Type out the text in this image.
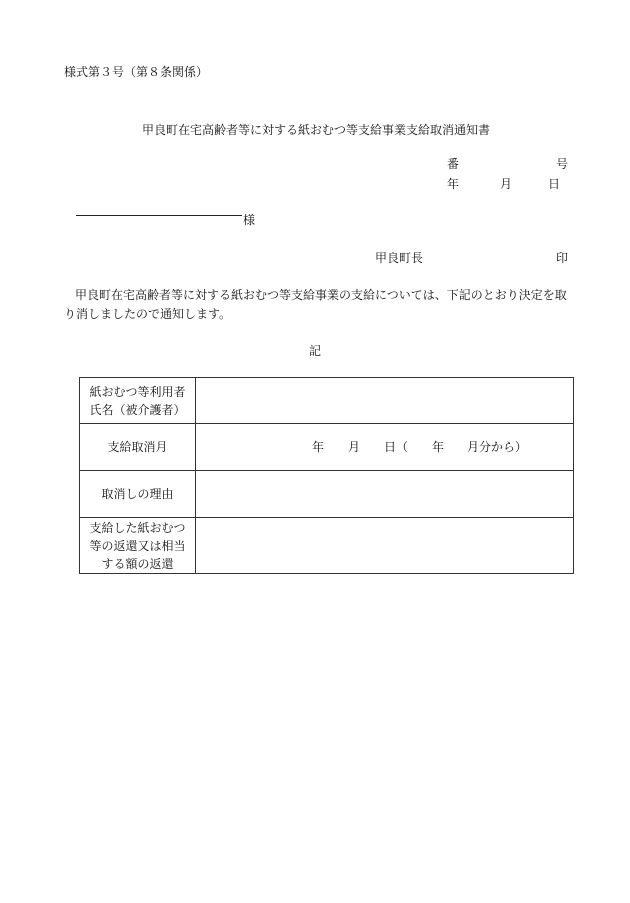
様式第３号（第８条関係）
甲良町在宅高齢者等に対する紙おむつ等支給事業支給取消通知書
番	号
年	月	日
様
甲良町長	印
甲良町在宅高齢者等に対する紙おむつ等支給事業の支給については、下記のとおり決定を取
り消しましたので通知します。
記
紙おむつ等利用者
氏名（被介護者）	

支給取消月	年 月 日（ 年 月分から）

取消しの理由	

支給した紙おむつ
等の返還又は相当
する額の返還	
